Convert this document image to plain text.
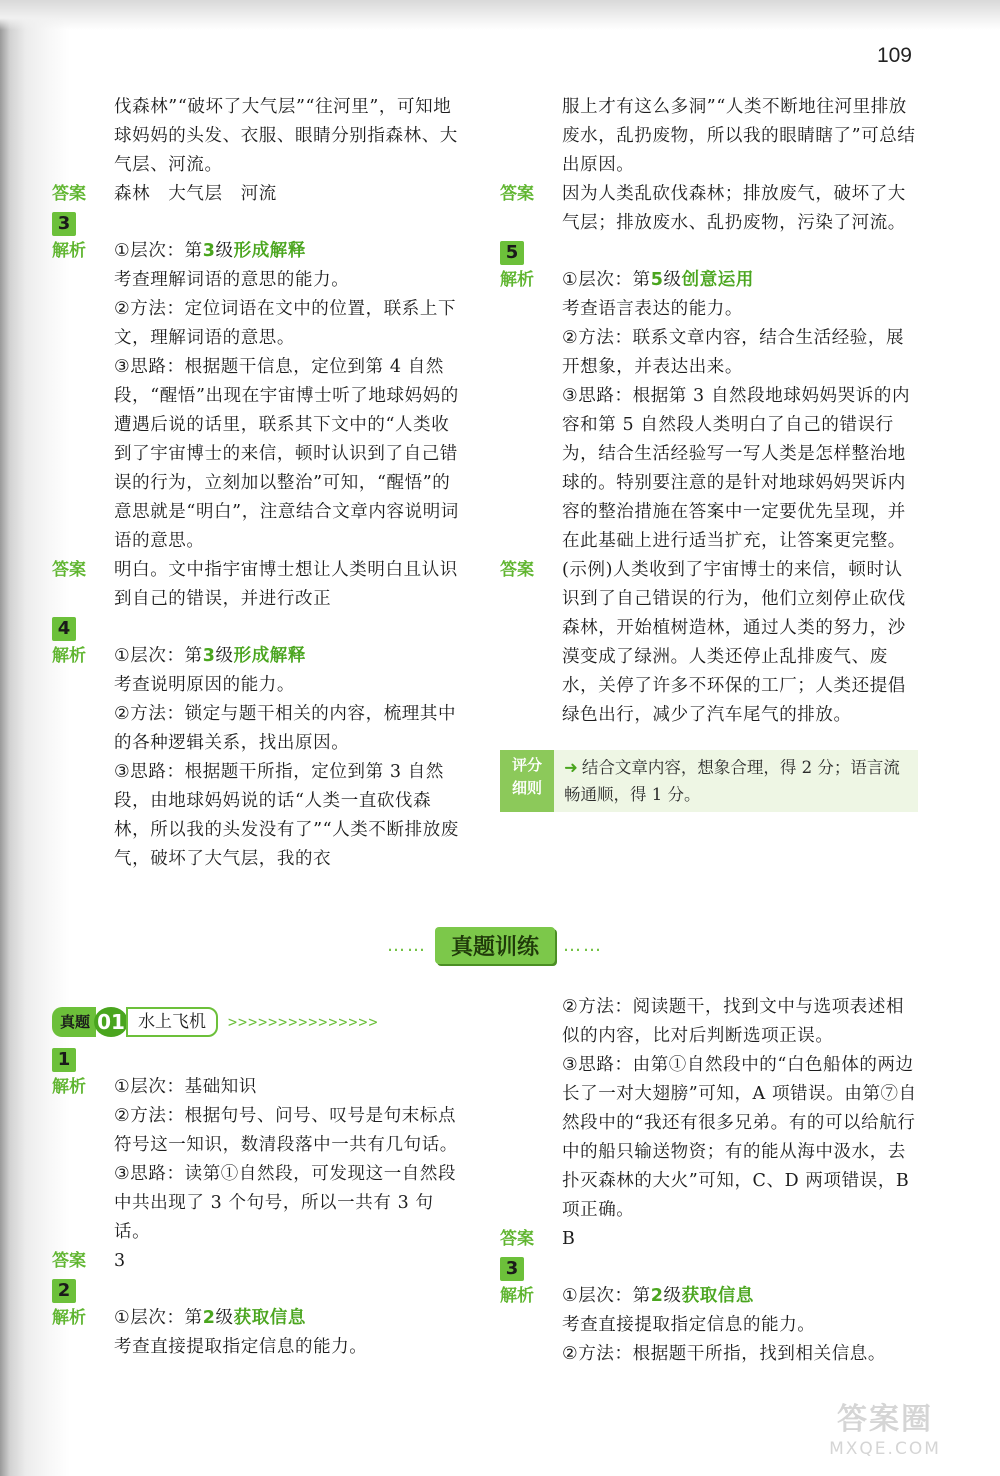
109

伐森林”“破坏了大气层”“往河里”，可知地球妈妈的头发、衣服、眼睛分别指森林、大气层、河流。

答案	森林　大气层　河流

3
解析	①层次：第3级形成解释

考查理解词语的意思的能力。

②方法：定位词语在文中的位置，联系上下文，理解词语的意思。

③思路：根据题干信息，定位到第 4 自然段，“醒悟”出现在宇宙博士听了地球妈妈的遭遇后说的话里，联系其下文中的“人类收到了宇宙博士的来信，顿时认识到了自己错误的行为，立刻加以整治”可知，“醒悟”的意思就是“明白”，注意结合文章内容说明词语的意思。

答案	明白。文中指宇宙博士想让人类明白且认识到自己的错误，并进行改正

4
解析	①层次：第3级形成解释

考查说明原因的能力。

②方法：锁定与题干相关的内容，梳理其中的各种逻辑关系，找出原因。

③思路：根据题干所指，定位到第 3 自然段，由地球妈妈说的话“人类一直砍伐森林，所以我的头发没有了”“人类不断排放废气，破坏了大气层，我的衣

服上才有这么多洞”“人类不断地往河里排放废水，乱扔废物，所以我的眼睛瞎了”可总结出原因。

答案	因为人类乱砍伐森林；排放废气，破坏了大气层；排放废水、乱扔废物，污染了河流。

5
解析	①层次：第5级创意运用

考查语言表达的能力。

②方法：联系文章内容，结合生活经验，展开想象，并表达出来。

③思路：根据第 3 自然段地球妈妈哭诉的内容和第 5 自然段人类明白了自己的错误行为，结合生活经验写一写人类是怎样整治地球的。特别要注意的是针对地球妈妈哭诉内容的整治措施在答案中一定要优先呈现，并在此基础上进行适当扩充，让答案更完整。

答案	(示例)人类收到了宇宙博士的来信，顿时认识到了自己错误的行为，他们立刻停止砍伐森林，开始植树造林，通过人类的努力，沙漠变成了绿洲。人类还停止乱排废气、废水，关停了许多不环保的工厂；人类还提倡绿色出行，减少了汽车尾气的排放。

评分
细则
➜ 结合文章内容，想象合理，得 2 分；语言流畅通顺，得 1 分。
……	真题训练	……
真题 01 水上飞机	>>>>>>>>>>>>>>>
1
解析	①层次：基础知识

②方法：根据句号、问号、叹号是句末标点符号这一知识，数清段落中一共有几句话。

③思路：读第①自然段，可发现这一自然段中共出现了 3 个句号，所以一共有 3 句话。

答案	3

2
解析	①层次：第2级获取信息

考查直接提取指定信息的能力。

②方法：阅读题干，找到文中与选项表述相似的内容，比对后判断选项正误。

③思路：由第①自然段中的“白色船体的两边长了一对大翅膀”可知，A 项错误。由第⑦自然段中的“我还有很多兄弟。有的可以给航行中的船只输送物资；有的能从海中汲水，去扑灭森林的大火”可知，C、D 两项错误，B 项正确。

答案	B

3
解析	①层次：第2级获取信息

考查直接提取指定信息的能力。

②方法：根据题干所指，找到相关信息。

答案圈
MXQE.COM
